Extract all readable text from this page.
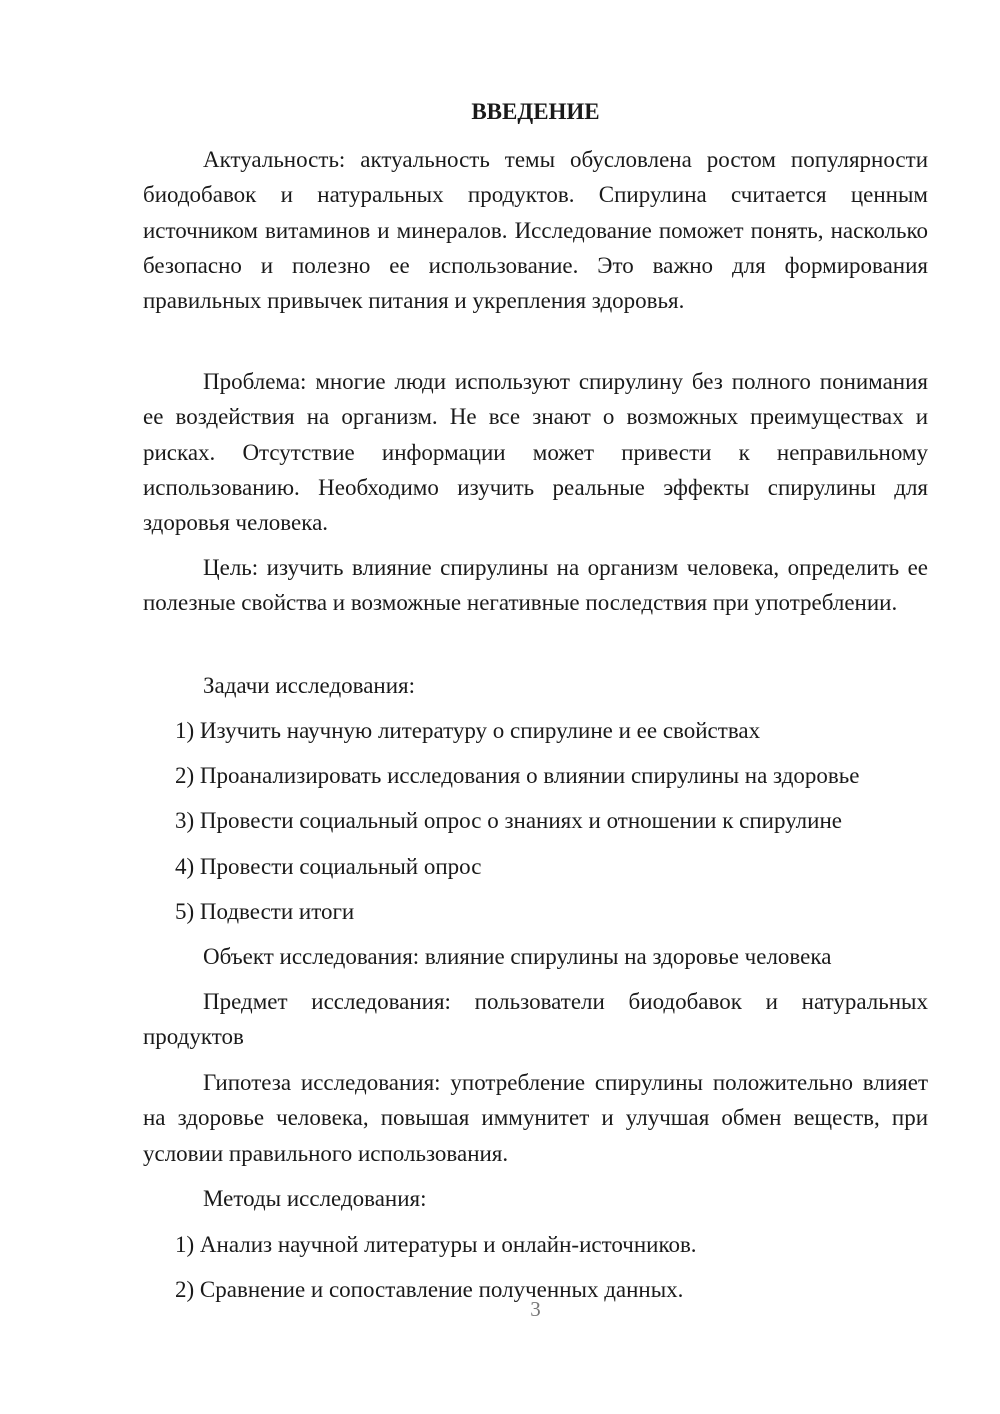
ВВЕДЕНИЕ

Актуальность: актуальность темы обусловлена ростом популярности биодобавок и натуральных продуктов. Спирулина считается ценным источником витаминов и минералов. Исследование поможет понять, насколько безопасно и полезно ее использование. Это важно для формирования правильных привычек питания и укрепления здоровья.

Проблема: многие люди используют спирулину без полного понимания ее воздействия на организм. Не все знают о возможных преимуществах и рисках. Отсутствие информации может привести к неправильному использованию. Необходимо изучить реальные эффекты спирулины для здоровья человека.

Цель: изучить влияние спирулины на организм человека, определить ее полезные свойства и возможные негативные последствия при употреблении.

Задачи исследования:

1) Изучить научную литературу о спирулине и ее свойствах

2) Проанализировать исследования о влиянии спирулины на здоровье

3) Провести социальный опрос о знаниях и отношении к спирулине

4) Провести социальный опрос

5) Подвести итоги

Объект исследования: влияние спирулины на здоровье человека

Предмет исследования: пользователи биодобавок и натуральных продуктов

Гипотеза исследования: употребление спирулины положительно влияет на здоровье человека, повышая иммунитет и улучшая обмен веществ, при условии правильного использования.

Методы исследования:

1) Анализ научной литературы и онлайн-источников.

2) Сравнение и сопоставление полученных данных.

3
